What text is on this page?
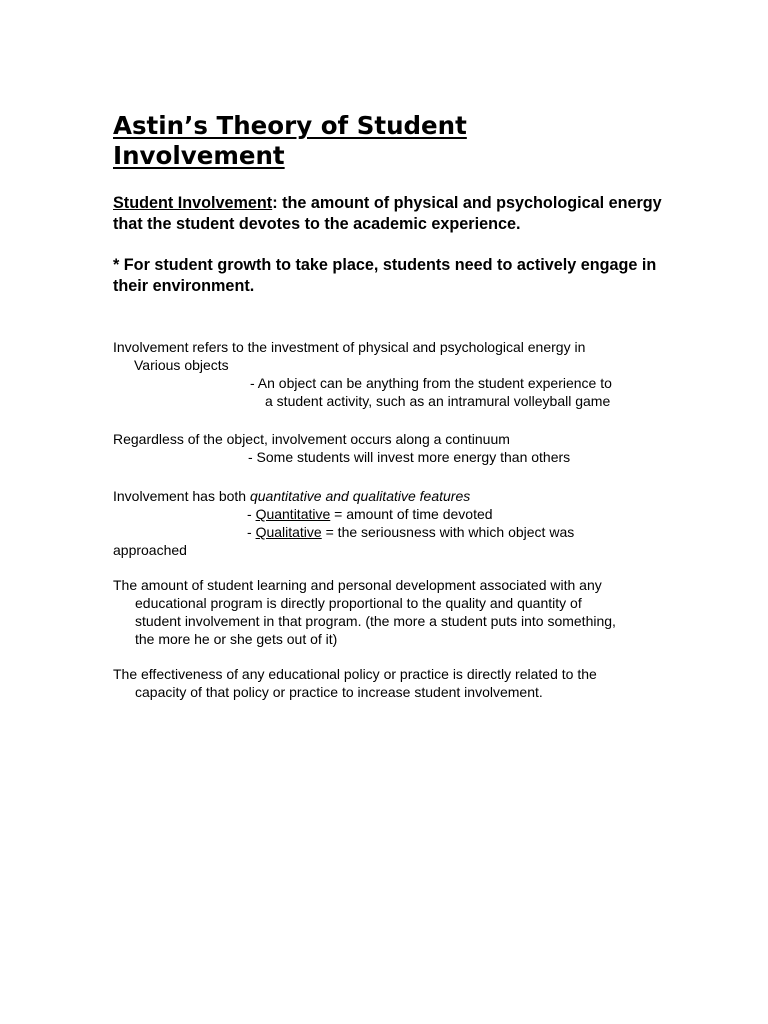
Astin’s Theory of Student Involvement

Student Involvement: the amount of physical and psychological energy that the student devotes to the academic experience.

* For student growth to take place, students need to actively engage in their environment.

Involvement refers to the investment of physical and psychological energy in

Various objects

- An object can be anything from the student experience to

a student activity, such as an intramural volleyball game

Regardless of the object, involvement occurs along a continuum

- Some students will invest more energy than others

Involvement has both quantitative and qualitative features

- Quantitative = amount of time devoted

- Qualitative = the seriousness with which object was

approached

The amount of student learning and personal development associated with any

educational program is directly proportional to the quality and quantity of

student involvement in that program. (the more a student puts into something,

the more he or she gets out of it)

The effectiveness of any educational policy or practice is directly related to the

capacity of that policy or practice to increase student involvement.
